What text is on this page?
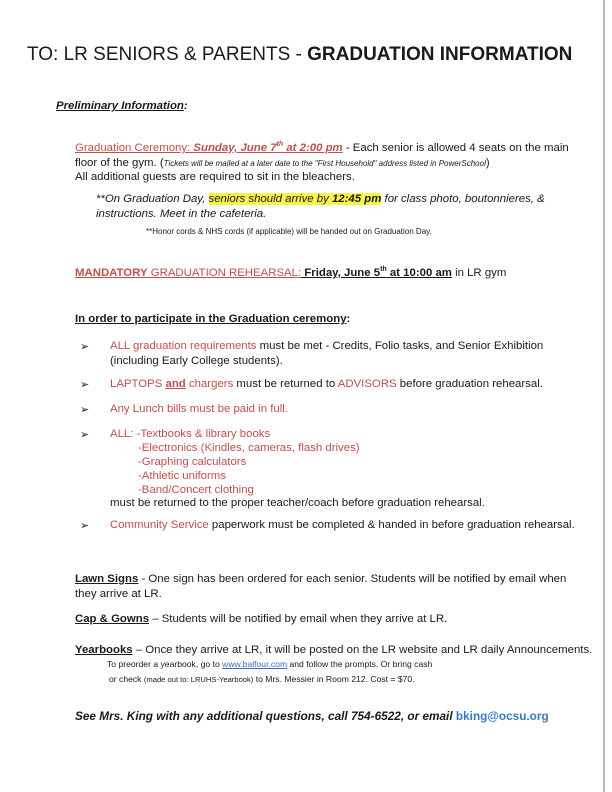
TO: LR SENIORS & PARENTS - GRADUATION INFORMATION
Preliminary Information:
Graduation Ceremony: Sunday, June 7th at 2:00 pm - Each senior is allowed 4 seats on the main
floor of the gym. (Tickets will be mailed at a later date to the "First Household" address listed in PowerSchool)
All additional guests are required to sit in the bleachers.
**On Graduation Day, seniors should arrive by 12:45 pm for class photo, boutonnieres, &
instructions. Meet in the cafeteria.
**Honor cords & NHS cords (if applicable) will be handed out on Graduation Day.
MANDATORY GRADUATION REHEARSAL: Friday, June 5th at 10:00 am in LR gym
In order to participate in the Graduation ceremony:
➢ ALL graduation requirements must be met - Credits, Folio tasks, and Senior Exhibition
(including Early College students).
➢ LAPTOPS and chargers must be returned to ADVISORS before graduation rehearsal.
➢ Any Lunch bills must be paid in full.
➢ ALL: -Textbooks & library books
-Electronics (Kindles, cameras, flash drives)
-Graphing calculators
-Athletic uniforms
-Band/Concert clothing
must be returned to the proper teacher/coach before graduation rehearsal.
➢ Community Service paperwork must be completed & handed in before graduation rehearsal.
Lawn Signs - One sign has been ordered for each senior. Students will be notified by email when
they arrive at LR.
Cap & Gowns – Students will be notified by email when they arrive at LR.
Yearbooks – Once they arrive at LR, it will be posted on the LR website and LR daily Announcements.
To preorder a yearbook, go to www.balfour.com and follow the prompts. Or bring cash
or check (made out to: LRUHS-Yearbook) to Mrs. Messier in Room 212. Cost = $70.
See Mrs. King with any additional questions, call 754-6522, or email bking@ocsu.org
